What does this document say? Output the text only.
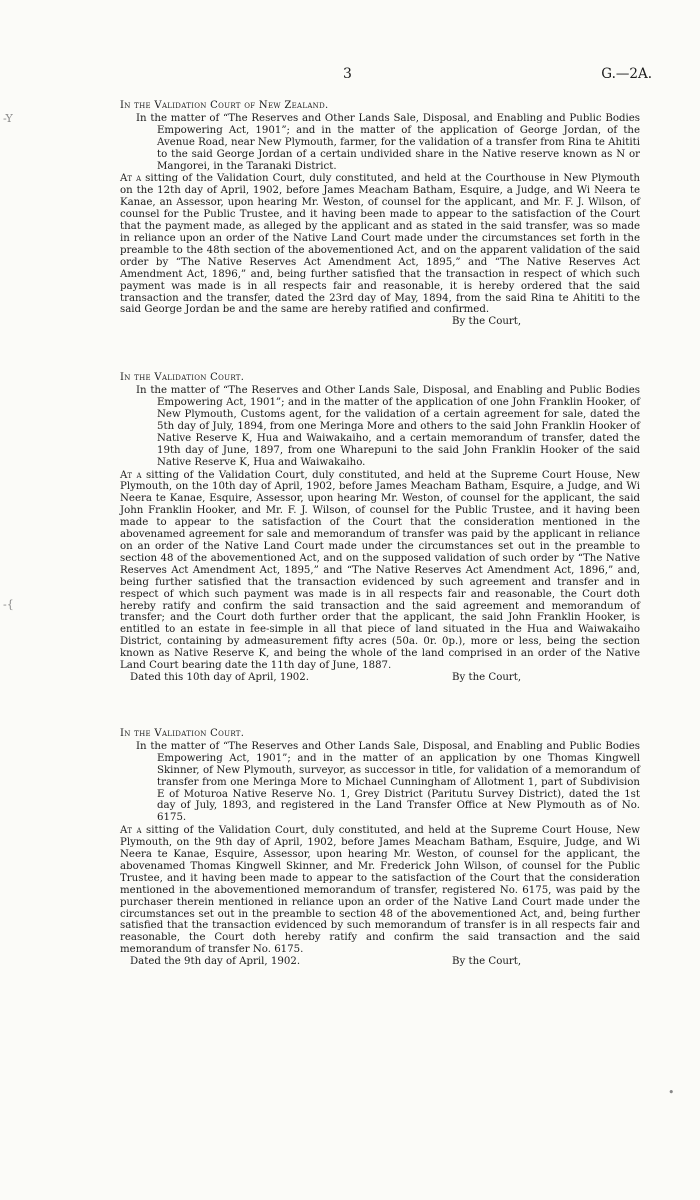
3	G.—2A.
-Y
-{
•

In the Validation Court of New Zealand.

In the matter of “The Reserves and Other Lands Sale, Disposal, and Enabling and Public Bodies Empowering Act, 1901”; and in the matter of the application of George Jordan, of the Avenue Road, near New Plymouth, farmer, for the validation of a transfer from Rina te Ahititi to the said George Jordan of a certain undivided share in the Native reserve known as N or Mangorei, in the Taranaki District.

At a sitting of the Validation Court, duly constituted, and held at the Courthouse in New Plymouth on the 12th day of April, 1902, before James Meacham Batham, Esquire, a Judge, and Wi Neera te Kanae, an Assessor, upon hearing Mr. Weston, of counsel for the applicant, and Mr. F. J. Wilson, of counsel for the Public Trustee, and it having been made to appear to the satisfaction of the Court that the payment made, as alleged by the applicant and as stated in the said transfer, was so made in reliance upon an order of the Native Land Court made under the circumstances set forth in the preamble to the 48th section of the abovementioned Act, and on the apparent validation of the said order by “The Native Reserves Act Amendment Act, 1895,” and “The Native Reserves Act Amendment Act, 1896,” and, being further satisfied that the transaction in respect of which such payment was made is in all respects fair and reasonable, it is hereby ordered that the said transaction and the transfer, dated the 23rd day of May, 1894, from the said Rina te Ahititi to the said George Jordan be and the same are hereby ratified and confirmed.

By the Court,

In the Validation Court.

In the matter of “The Reserves and Other Lands Sale, Disposal, and Enabling and Public Bodies Empowering Act, 1901”; and in the matter of the application of one John Franklin Hooker, of New Plymouth, Customs agent, for the validation of a certain agreement for sale, dated the 5th day of July, 1894, from one Meringa More and others to the said John Franklin Hooker of Native Reserve K, Hua and Waiwakaiho, and a certain memorandum of transfer, dated the 19th day of June, 1897, from one Wharepuni to the said John Franklin Hooker of the said Native Reserve K, Hua and Waiwakaiho.

At a sitting of the Validation Court, duly constituted, and held at the Supreme Court House, New Plymouth, on the 10th day of April, 1902, before James Meacham Batham, Esquire, a Judge, and Wi Neera te Kanae, Esquire, Assessor, upon hearing Mr. Weston, of counsel for the applicant, the said John Franklin Hooker, and Mr. F. J. Wilson, of counsel for the Public Trustee, and it having been made to appear to the satisfaction of the Court that the consideration mentioned in the abovenamed agreement for sale and memorandum of transfer was paid by the applicant in reliance on an order of the Native Land Court made under the circumstances set out in the preamble to section 48 of the abovementioned Act, and on the supposed validation of such order by “The Native Reserves Act Amendment Act, 1895,” and “The Native Reserves Act Amendment Act, 1896,” and, being further satisfied that the transaction evidenced by such agreement and transfer and in respect of which such payment was made is in all respects fair and reasonable, the Court doth hereby ratify and confirm the said transaction and the said agreement and memorandum of transfer; and the Court doth further order that the applicant, the said John Franklin Hooker, is entitled to an estate in fee-simple in all that piece of land situated in the Hua and Waiwakaiho District, containing by admeasurement fifty acres (50a. 0r. 0p.), more or less, being the section known as Native Reserve K, and being the whole of the land comprised in an order of the Native Land Court bearing date the 11th day of June, 1887.

Dated this 10th day of April, 1902.	By the Court,

In the Validation Court.

In the matter of “The Reserves and Other Lands Sale, Disposal, and Enabling and Public Bodies Empowering Act, 1901”; and in the matter of an application by one Thomas Kingwell Skinner, of New Plymouth, surveyor, as successor in title, for validation of a memorandum of transfer from one Meringa More to Michael Cunningham of Allotment 1, part of Subdivision E of Moturoa Native Reserve No. 1, Grey District (Paritutu Survey District), dated the 1st day of July, 1893, and registered in the Land Transfer Office at New Plymouth as of No. 6175.

At a sitting of the Validation Court, duly constituted, and held at the Supreme Court House, New Plymouth, on the 9th day of April, 1902, before James Meacham Batham, Esquire, Judge, and Wi Neera te Kanae, Esquire, Assessor, upon hearing Mr. Weston, of counsel for the applicant, the abovenamed Thomas Kingwell Skinner, and Mr. Frederick John Wilson, of counsel for the Public Trustee, and it having been made to appear to the satisfaction of the Court that the consideration mentioned in the abovementioned memorandum of transfer, registered No. 6175, was paid by the purchaser therein mentioned in reliance upon an order of the Native Land Court made under the circumstances set out in the preamble to section 48 of the abovementioned Act, and, being further satisfied that the transaction evidenced by such memorandum of transfer is in all respects fair and reasonable, the Court doth hereby ratify and confirm the said transaction and the said memorandum of transfer No. 6175.

Dated the 9th day of April, 1902.	By the Court,
